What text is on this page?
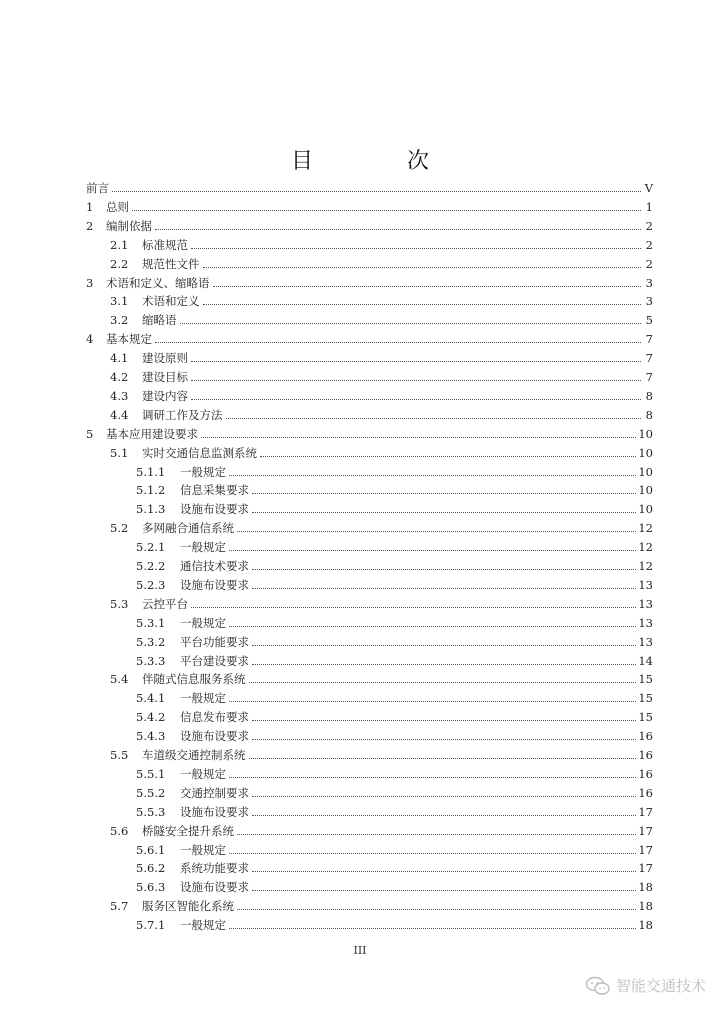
目　次
前言	V
1	总则	1
2	编制依据	2
2.1	标准规范	2
2.2	规范性文件	2
3	术语和定义、缩略语	3
3.1	术语和定义	3
3.2	缩略语	5
4	基本规定	7
4.1	建设原则	7
4.2	建设目标	7
4.3	建设内容	8
4.4	调研工作及方法	8
5	基本应用建设要求	10
5.1	实时交通信息监测系统	10
5.1.1	一般规定	10
5.1.2	信息采集要求	10
5.1.3	设施布设要求	10
5.2	多网融合通信系统	12
5.2.1	一般规定	12
5.2.2	通信技术要求	12
5.2.3	设施布设要求	13
5.3	云控平台	13
5.3.1	一般规定	13
5.3.2	平台功能要求	13
5.3.3	平台建设要求	14
5.4	伴随式信息服务系统	15
5.4.1	一般规定	15
5.4.2	信息发布要求	15
5.4.3	设施布设要求	16
5.5	车道级交通控制系统	16
5.5.1	一般规定	16
5.5.2	交通控制要求	16
5.5.3	设施布设要求	17
5.6	桥隧安全提升系统	17
5.6.1	一般规定	17
5.6.2	系统功能要求	17
5.6.3	设施布设要求	18
5.7	服务区智能化系统	18
5.7.1	一般规定	18
III
智能交通技术
